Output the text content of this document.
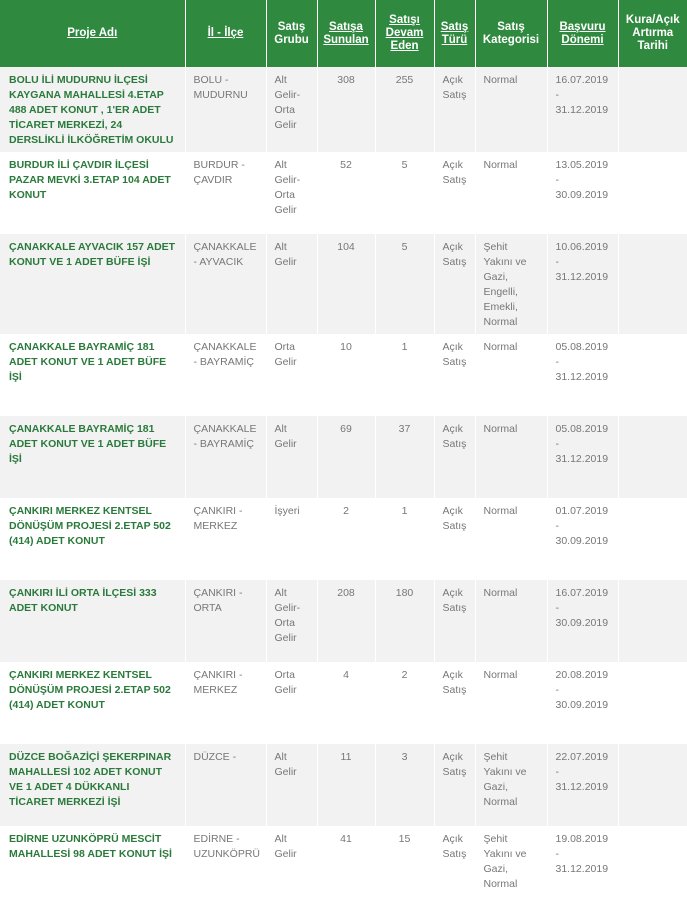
Proje Adı	İl - İlçe	Satış Grubu	Satışa Sunulan	Satışı Devam Eden	Satış Türü	Satış Kategorisi	Başvuru Dönemi	Kura/Açık Artırma Tarihi
BOLU İLİ MUDURNU İLÇESİ KAYGANA MAHALLESİ 4.ETAP 488 ADET KONUT , 1'ER ADET TİCARET MERKEZİ, 24 DERSLİKLİ İLKÖĞRETİM OKULU	BOLU - MUDURNU	Alt Gelir-Orta Gelir	308	255	Açık Satış	Normal	16.07.2019 - 31.12.2019	
BURDUR İLİ ÇAVDIR İLÇESİ PAZAR MEVKİ 3.ETAP 104 ADET KONUT	BURDUR - ÇAVDIR	Alt Gelir-Orta Gelir	52	5	Açık Satış	Normal	13.05.2019 - 30.09.2019	
ÇANAKKALE AYVACIK 157 ADET KONUT VE 1 ADET BÜFE İŞİ	ÇANAKKALE - AYVACIK	Alt Gelir	104	5	Açık Satış	Şehit Yakını ve Gazi, Engelli, Emekli, Normal	10.06.2019 - 31.12.2019	
ÇANAKKALE BAYRAMİÇ 181 ADET KONUT VE 1 ADET BÜFE İŞİ	ÇANAKKALE - BAYRAMİÇ	Orta Gelir	10	1	Açık Satış	Normal	05.08.2019 - 31.12.2019	
ÇANAKKALE BAYRAMİÇ 181 ADET KONUT VE 1 ADET BÜFE İŞİ	ÇANAKKALE - BAYRAMİÇ	Alt Gelir	69	37	Açık Satış	Normal	05.08.2019 - 31.12.2019	
ÇANKIRI MERKEZ KENTSEL DÖNÜŞÜM PROJESİ 2.ETAP 502 (414) ADET KONUT	ÇANKIRI - MERKEZ	İşyeri	2	1	Açık Satış	Normal	01.07.2019 - 30.09.2019	
ÇANKIRI İLİ ORTA İLÇESİ 333 ADET KONUT	ÇANKIRI - ORTA	Alt Gelir-Orta Gelir	208	180	Açık Satış	Normal	16.07.2019 - 30.09.2019	
ÇANKIRI MERKEZ KENTSEL DÖNÜŞÜM PROJESİ 2.ETAP 502 (414) ADET KONUT	ÇANKIRI - MERKEZ	Orta Gelir	4	2	Açık Satış	Normal	20.08.2019 - 30.09.2019	
DÜZCE BOĞAZİÇİ ŞEKERPINAR MAHALLESİ 102 ADET KONUT VE 1 ADET 4 DÜKKANLI TİCARET MERKEZİ İŞİ	DÜZCE -	Alt Gelir	11	3	Açık Satış	Şehit Yakını ve Gazi, Normal	22.07.2019 - 31.12.2019	
EDİRNE UZUNKÖPRÜ MESCİT MAHALLESİ 98 ADET KONUT İŞİ	EDİRNE - UZUNKÖPRÜ	Alt Gelir	41	15	Açık Satış	Şehit Yakını ve Gazi, Normal	19.08.2019 - 31.12.2019	
